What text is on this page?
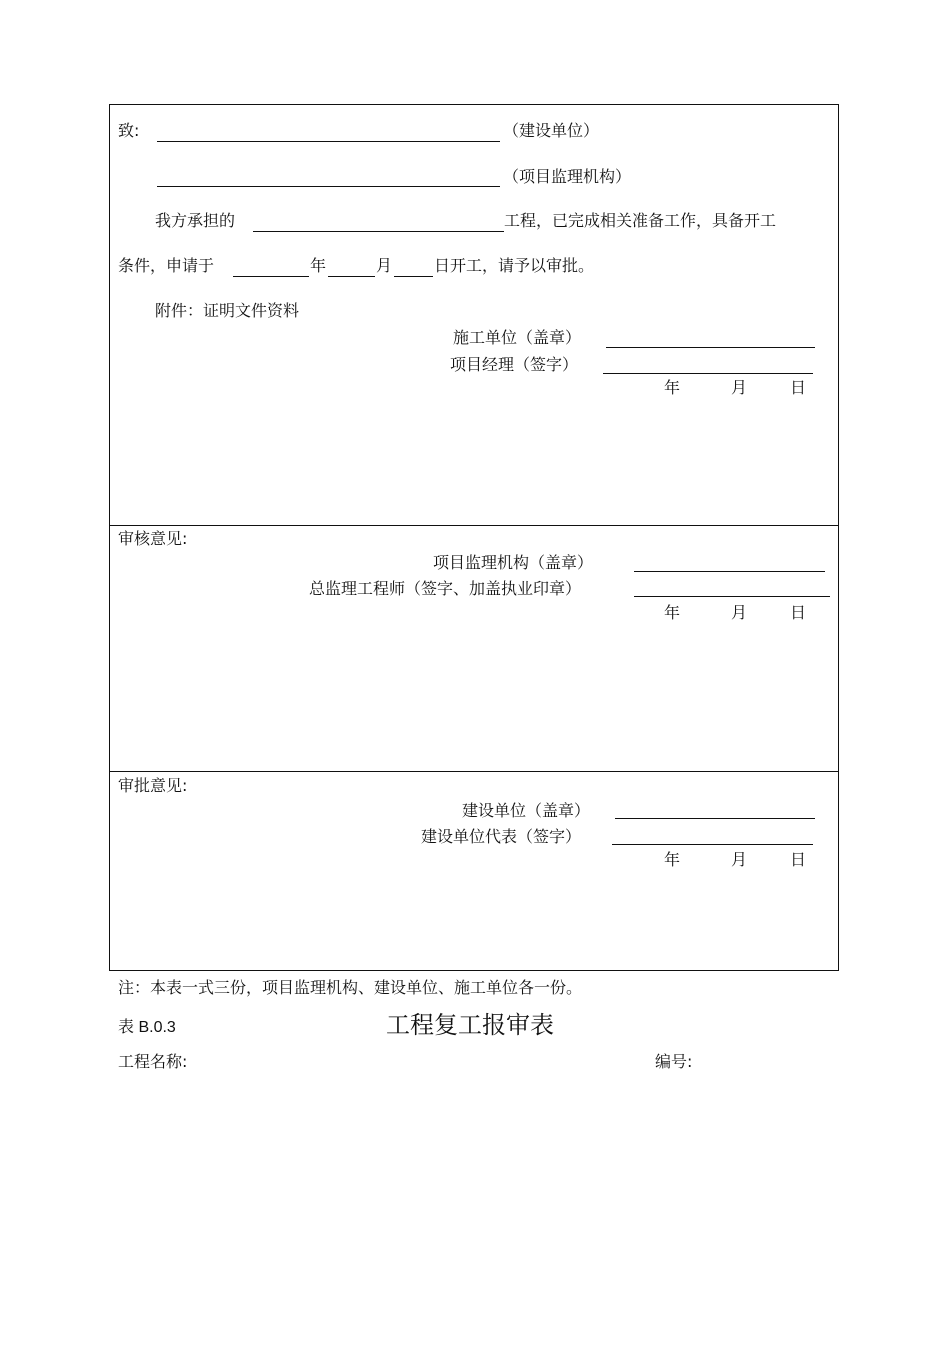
致:	（建设单位）
（项目监理机构）
我方承担的	工程，已完成相关准备工作，具备开工
条件，申请于	年	月	日开工，请予以审批。
附件：证明文件资料
施工单位（盖章）
项目经理（签字）
年	月	日
审核意见:
项目监理机构（盖章）
总监理工程师（签字、加盖执业印章）
年	月	日
审批意见:
建设单位（盖章）
建设单位代表（签字）
年	月	日
注：本表一式三份，项目监理机构、建设单位、施工单位各一份。
表 B.0.3	工程复工报审表
工程名称:	编号:
